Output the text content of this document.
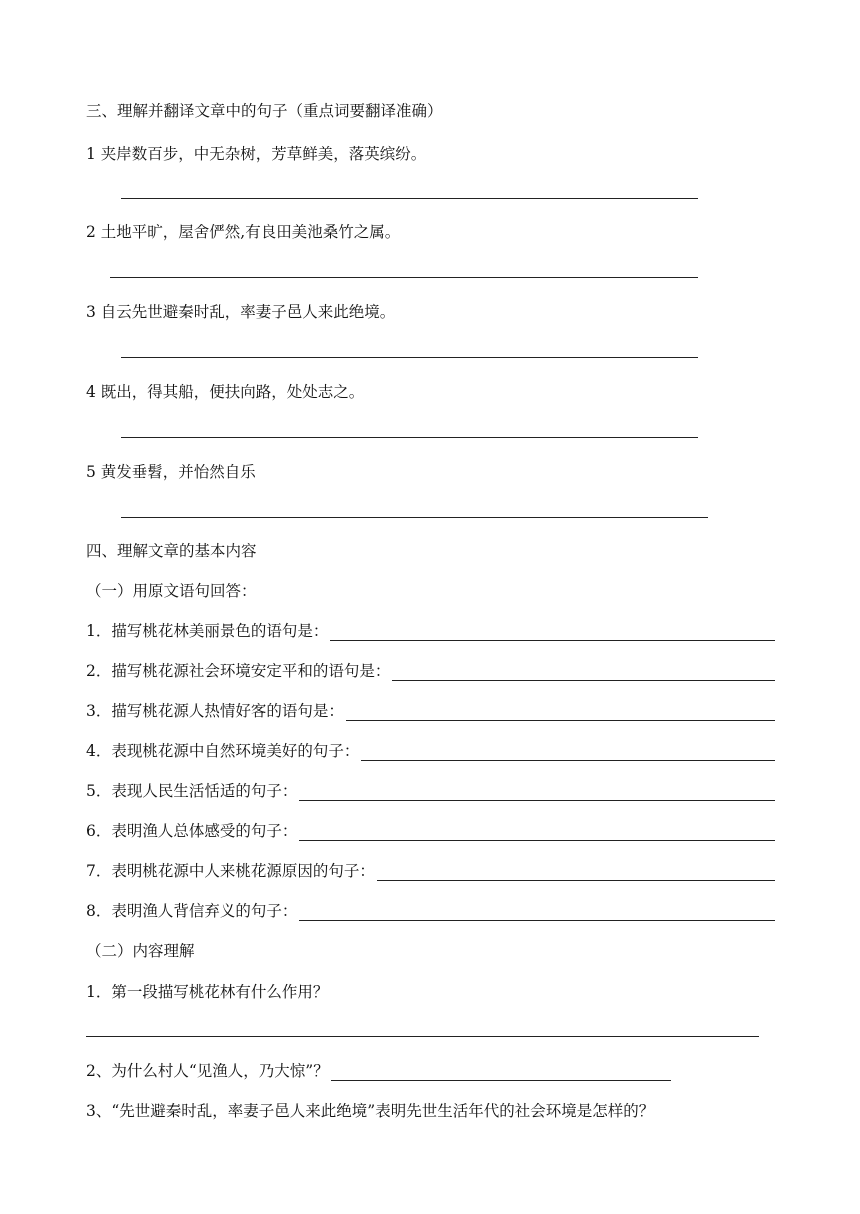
三、理解并翻译文章中的句子（重点词要翻译准确）
1 夹岸数百步，中无杂树，芳草鲜美，落英缤纷。
2 土地平旷，屋舍俨然,有良田美池桑竹之属。
3 自云先世避秦时乱，率妻子邑人来此绝境。
4 既出，得其船，便扶向路，处处志之。
5 黄发垂髫，并怡然自乐
四、理解文章的基本内容
（一）用原文语句回答：
1．描写桃花林美丽景色的语句是：
2．描写桃花源社会环境安定平和的语句是：
3．描写桃花源人热情好客的语句是：
4．表现桃花源中自然环境美好的句子：
5．表现人民生活恬适的句子：
6．表明渔人总体感受的句子：
7．表明桃花源中人来桃花源原因的句子：
8．表明渔人背信弃义的句子：
（二）内容理解
1．第一段描写桃花林有什么作用？
2、为什么村人“见渔人，乃大惊”？
3、“先世避秦时乱，率妻子邑人来此绝境”表明先世生活年代的社会环境是怎样的？
